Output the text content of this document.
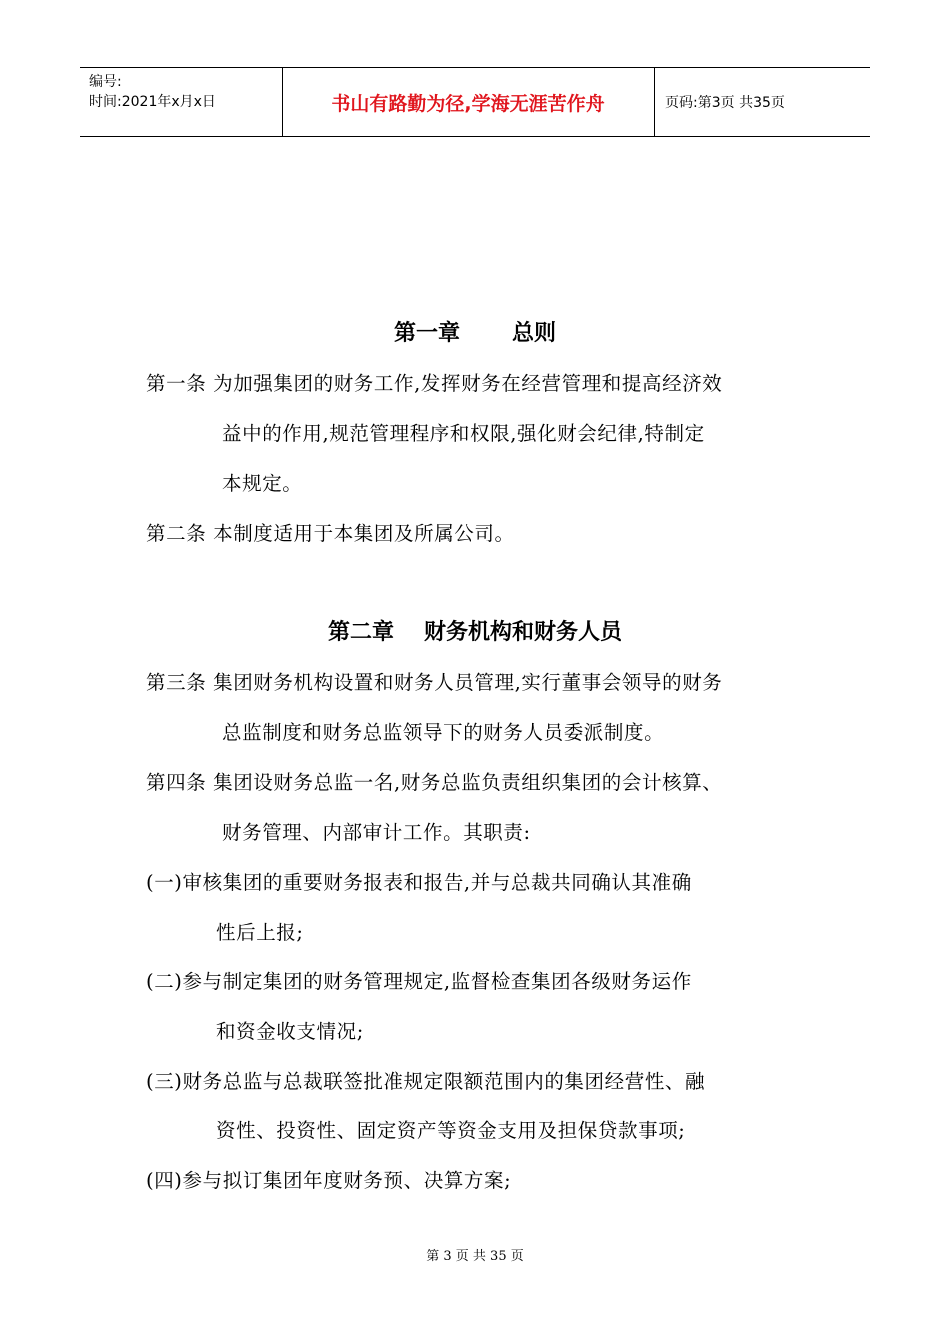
编号:
时间:2021年x月x日	书山有路勤为径,学海无涯苦作舟	页码:第3页 共35页
第一章 总则
第一条 为加强集团的财务工作,发挥财务在经营管理和提高经济效
益中的作用,规范管理程序和权限,强化财会纪律,特制定
本规定。
第二条 本制度适用于本集团及所属公司。
第二章 财务机构和财务人员
第三条 集团财务机构设置和财务人员管理,实行董事会领导的财务
总监制度和财务总监领导下的财务人员委派制度。
第四条 集团设财务总监一名,财务总监负责组织集团的会计核算、
财务管理、内部审计工作。其职责:
(一)审核集团的重要财务报表和报告,并与总裁共同确认其准确
性后上报;
(二)参与制定集团的财务管理规定,监督检查集团各级财务运作
和资金收支情况;
(三)财务总监与总裁联签批准规定限额范围内的集团经营性、融
资性、投资性、固定资产等资金支用及担保贷款事项;
(四)参与拟订集团年度财务预、决算方案;
第 3 页 共 35 页
